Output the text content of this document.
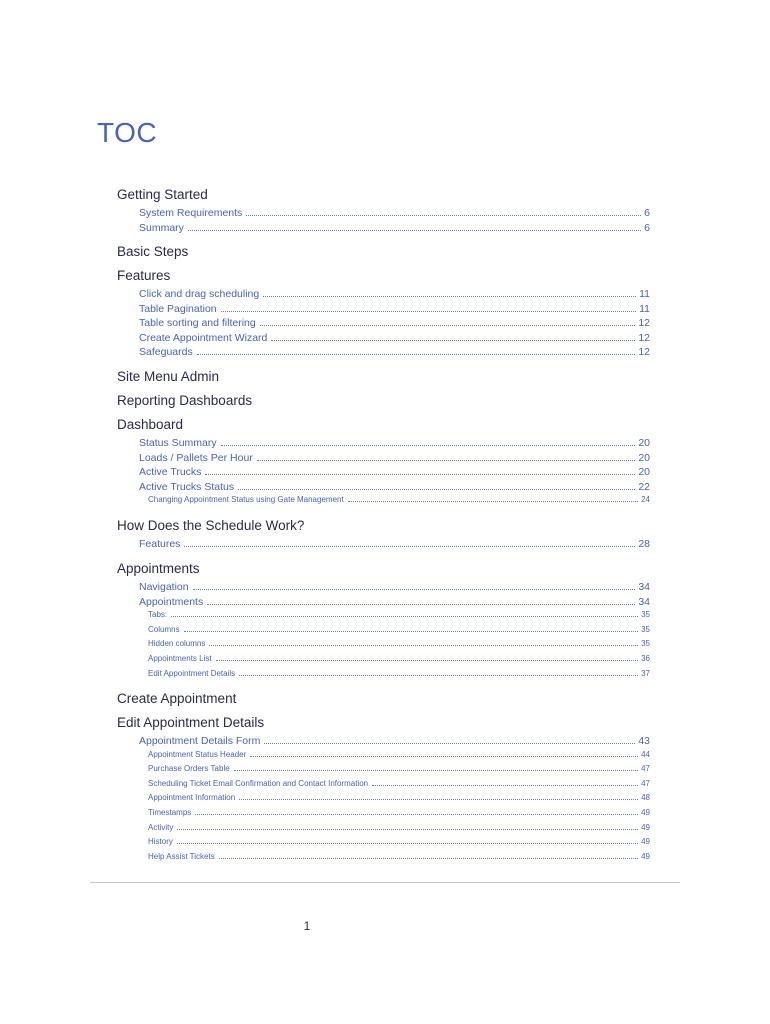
TOC
Getting Started
System Requirements	6
Summary	6
Basic Steps
Features
Click and drag scheduling	11
Table Pagination	11
Table sorting and filtering	12
Create Appointment Wizard	12
Safeguards	12
Site Menu Admin
Reporting Dashboards
Dashboard
Status Summary	20
Loads / Pallets Per Hour	20
Active Trucks	20
Active Trucks Status	22
Changing Appointment Status using Gate Management	24
How Does the Schedule Work?
Features	28
Appointments
Navigation	34
Appointments	34
Tabs:	35
Columns	35
Hidden columns	35
Appointments List	36
Edit Appointment Details	37
Create Appointment
Edit Appointment Details
Appointment Details Form	43
Appointment Status Header	44
Purchase Orders Table	47
Scheduling Ticket Email Confirmation and Contact Information	47
Appointment Information	48
Timestamps	49
Activity	49
History	49
Help Assist Tickets	49
1
